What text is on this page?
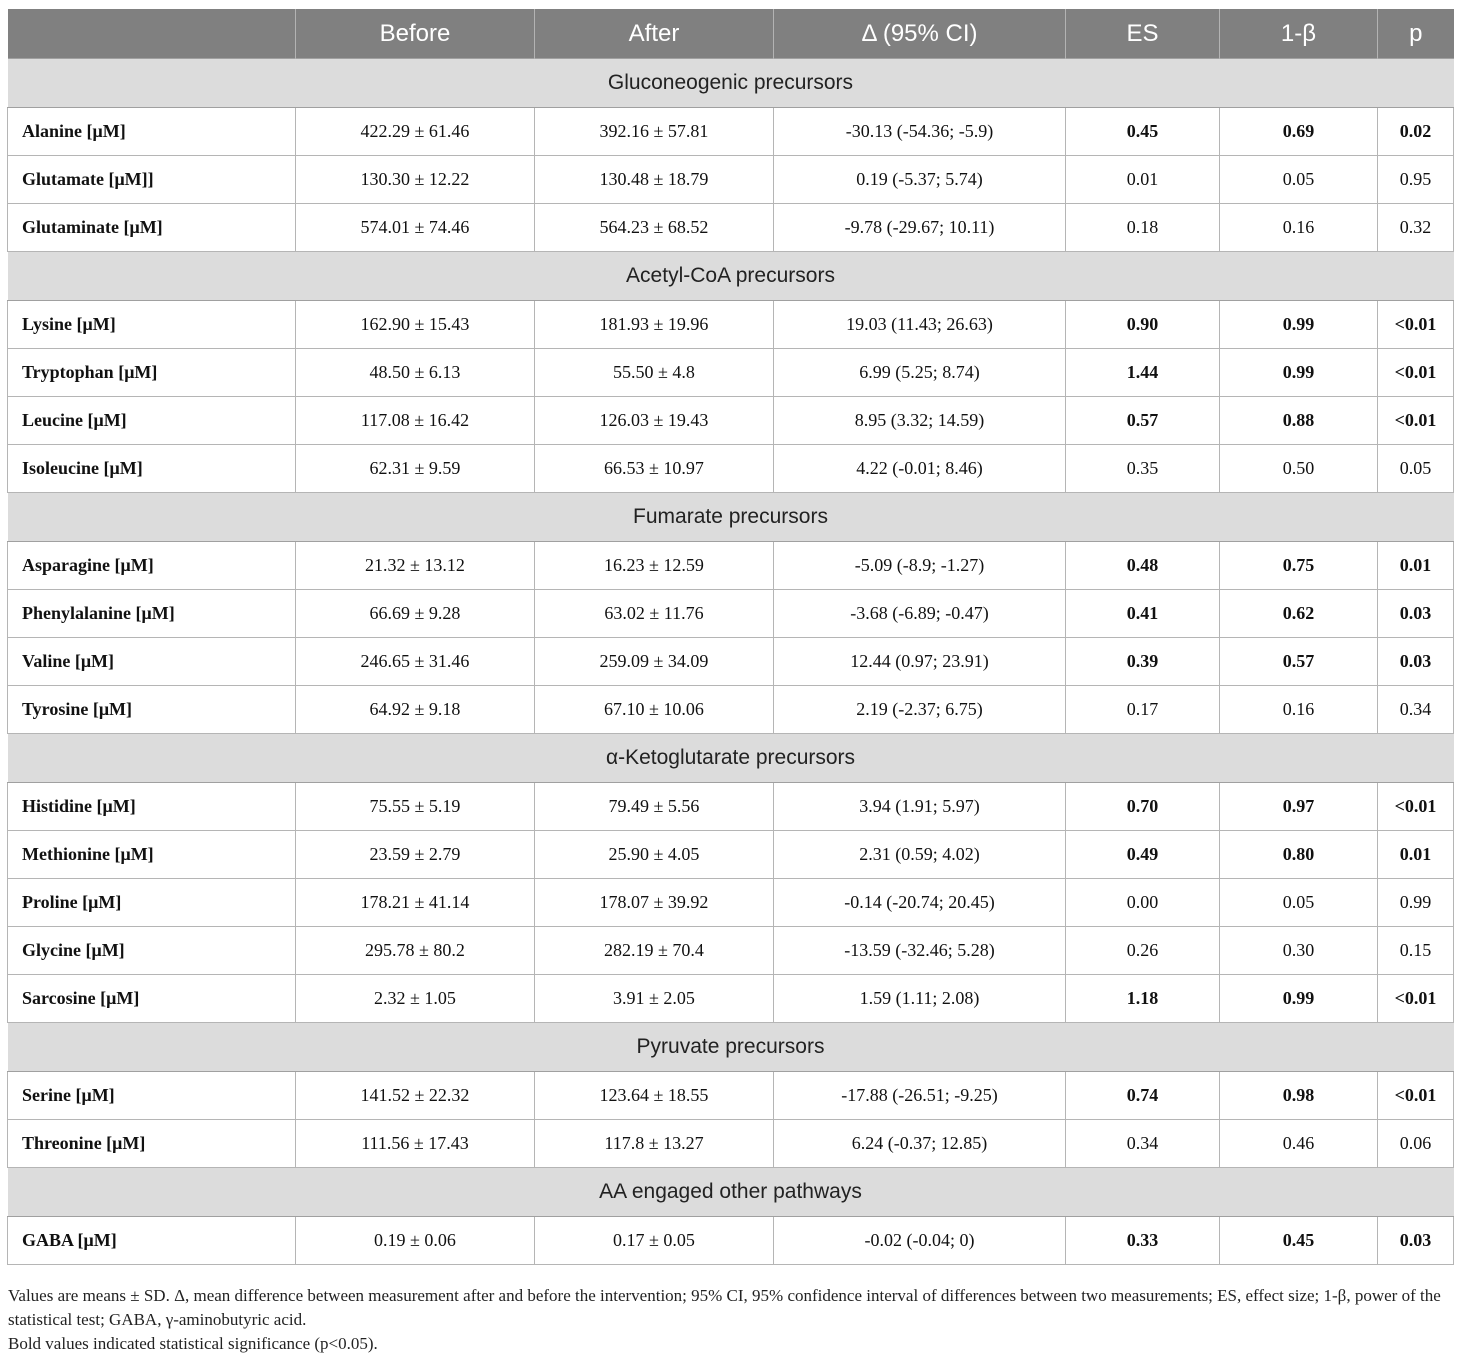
	Before	After	Δ (95% CI)	ES	1-β	p
Gluconeogenic precursors						
Alanine [μM]	422.29 ± 61.46	392.16 ± 57.81	-30.13 (-54.36; -5.9)	0.45	0.69	0.02
Glutamate [μM]]	130.30 ± 12.22	130.48 ± 18.79	0.19 (-5.37; 5.74)	0.01	0.05	0.95
Glutaminate [μM]	574.01 ± 74.46	564.23 ± 68.52	-9.78 (-29.67; 10.11)	0.18	0.16	0.32
Acetyl-CoA precursors						
Lysine [μM]	162.90 ± 15.43	181.93 ± 19.96	19.03 (11.43; 26.63)	0.90	0.99	<0.01
Tryptophan [μM]	48.50 ± 6.13	55.50 ± 4.8	6.99 (5.25; 8.74)	1.44	0.99	<0.01
Leucine [μM]	117.08 ± 16.42	126.03 ± 19.43	8.95 (3.32; 14.59)	0.57	0.88	<0.01
Isoleucine [μM]	62.31 ± 9.59	66.53 ± 10.97	4.22 (-0.01; 8.46)	0.35	0.50	0.05
Fumarate precursors						
Asparagine [μM]	21.32 ± 13.12	16.23 ± 12.59	-5.09 (-8.9; -1.27)	0.48	0.75	0.01
Phenylalanine [μM]	66.69 ± 9.28	63.02 ± 11.76	-3.68 (-6.89; -0.47)	0.41	0.62	0.03
Valine [μM]	246.65 ± 31.46	259.09 ± 34.09	12.44 (0.97; 23.91)	0.39	0.57	0.03
Tyrosine [μM]	64.92 ± 9.18	67.10 ± 10.06	2.19 (-2.37; 6.75)	0.17	0.16	0.34
α-Ketoglutarate precursors						
Histidine [μM]	75.55 ± 5.19	79.49 ± 5.56	3.94 (1.91; 5.97)	0.70	0.97	<0.01
Methionine [μM]	23.59 ± 2.79	25.90 ± 4.05	2.31 (0.59; 4.02)	0.49	0.80	0.01
Proline [μM]	178.21 ± 41.14	178.07 ± 39.92	-0.14 (-20.74; 20.45)	0.00	0.05	0.99
Glycine [μM]	295.78 ± 80.2	282.19 ± 70.4	-13.59 (-32.46; 5.28)	0.26	0.30	0.15
Sarcosine [μM]	2.32 ± 1.05	3.91 ± 2.05	1.59 (1.11; 2.08)	1.18	0.99	<0.01
Pyruvate precursors						
Serine [μM]	141.52 ± 22.32	123.64 ± 18.55	-17.88 (-26.51; -9.25)	0.74	0.98	<0.01
Threonine [μM]	111.56 ± 17.43	117.8 ± 13.27	6.24 (-0.37; 12.85)	0.34	0.46	0.06
AA engaged other pathways						
GABA [μM]	0.19 ± 0.06	0.17 ± 0.05	-0.02 (-0.04; 0)	0.33	0.45	0.03

Values are means ± SD. Δ, mean difference between measurement after and before the intervention; 95% CI, 95% confidence interval of differences between two measurements; ES, effect size; 1-β, power of the statistical test; GABA, γ-aminobutyric acid.

Bold values indicated statistical significance (p<0.05).
